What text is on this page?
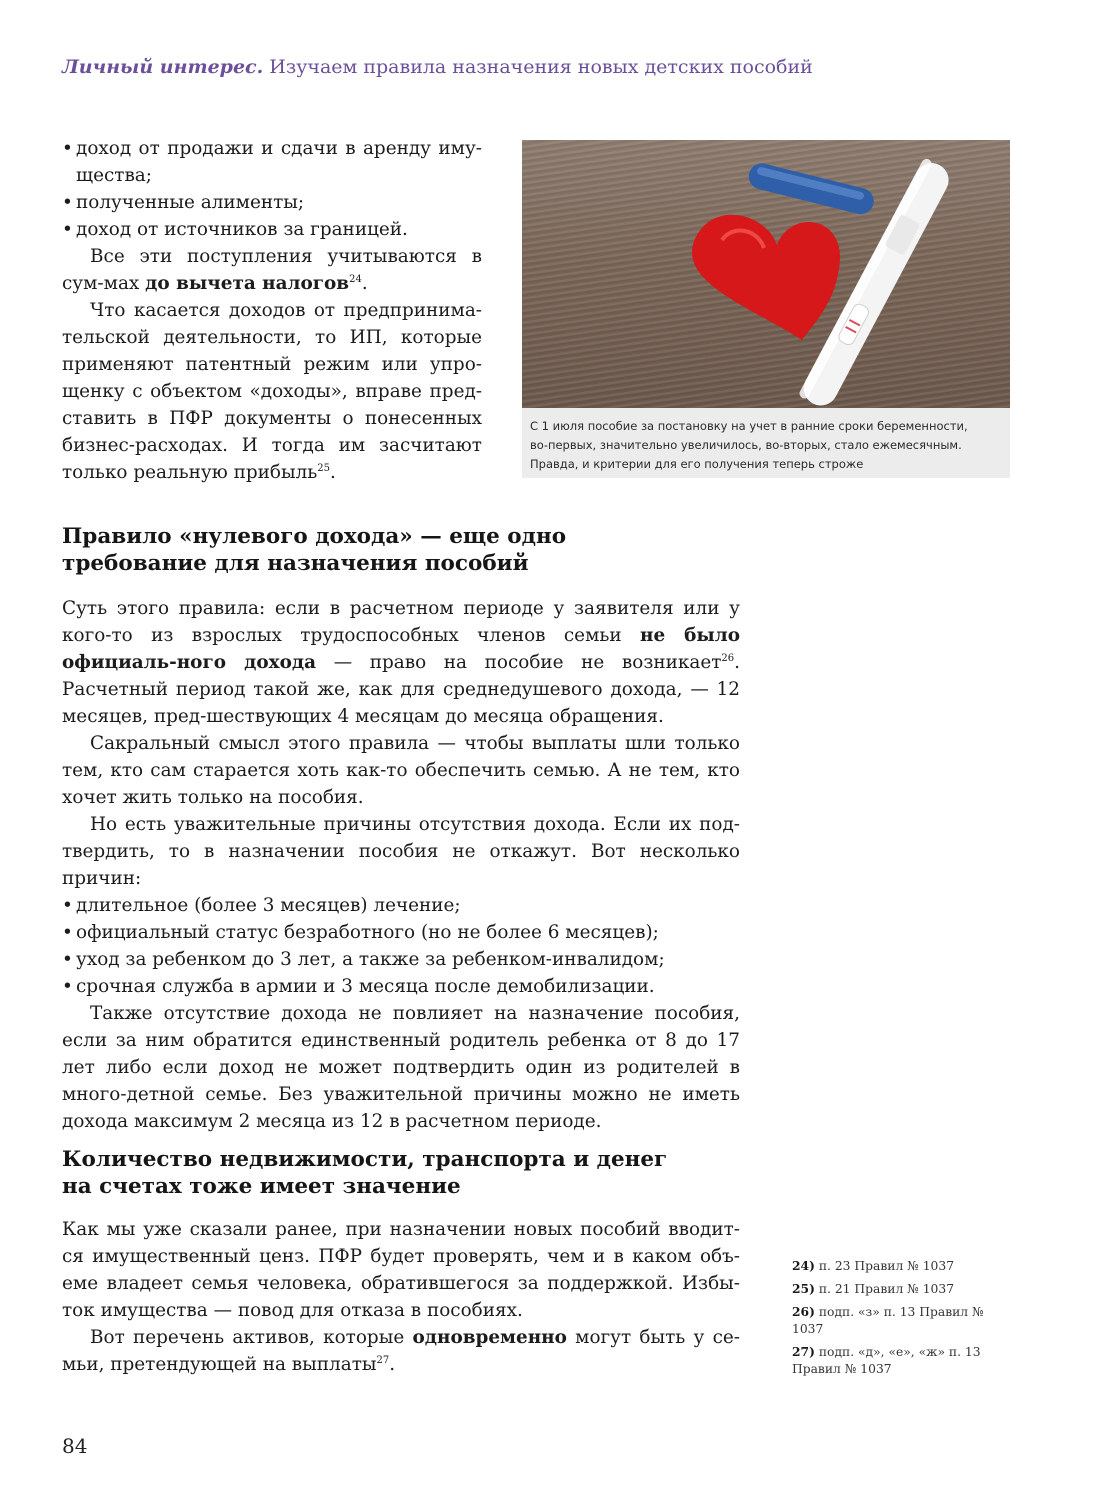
Личный интерес. Изучаем правила назначения новых детских пособий
• доход от продажи и сдачи в аренду иму-щества;
• полученные алименты;
• доход от источников за границей.

Все эти поступления учитываются в сум-мах до вычета налогов$^{24}$.

Что касается доходов от предпринима-тельской деятельности, то ИП, которые применяют патентный режим или упро-щенку с объектом «доходы», вправе пред-ставить в ПФР документы о понесенных бизнес-расходах. И тогда им засчитают только реальную прибыль$^{25}$.

С 1 июля пособие за постановку на учет в ранние сроки беременности,
во-первых, значительно увеличилось, во-вторых, стало ежемесячным.
Правда, и критерии для его получения теперь строже
Правило «нулевого дохода» — еще одно
требование для назначения пособий

Суть этого правила: если в расчетном периоде у заявителя или у кого-то из взрослых трудоспособных членов семьи не было официаль-ного дохода — право на пособие не возникает$^{26}$. Расчетный период такой же, как для среднедушевого дохода, — 12 месяцев, пред-шествующих 4 месяцам до месяца обращения.

Сакральный смысл этого правила — чтобы выплаты шли только тем, кто сам старается хоть как-то обеспечить семью. А не тем, кто хочет жить только на пособия.

Но есть уважительные причины отсутствия дохода. Если их под-твердить, то в назначении пособия не откажут. Вот несколько причин:

• длительное (более 3 месяцев) лечение;
• официальный статус безработного (но не более 6 месяцев);
• уход за ребенком до 3 лет, а также за ребенком-инвалидом;
• срочная служба в армии и 3 месяца после демобилизации.

Также отсутствие дохода не повлияет на назначение пособия, если за ним обратится единственный родитель ребенка от 8 до 17 лет либо если доход не может подтвердить один из родителей в много-детной семье. Без уважительной причины можно не иметь дохода максимум 2 месяца из 12 в расчетном периоде.

Количество недвижимости, транспорта и денег
на счетах тоже имеет значение

Как мы уже сказали ранее, при назначении новых пособий вводит-ся имущественный ценз. ПФР будет проверять, чем и в каком объ-еме владеет семья человека, обратившегося за поддержкой. Избы-ток имущества — повод для отказа в пособиях.

Вот перечень активов, которые одновременно могут быть у се-мьи, претендующей на выплаты$^{27}$.

24) п. 23 Правил № 1037
25) п. 21 Правил № 1037
26) подп. «з» п. 13 Правил № 1037
27) подп. «д», «е», «ж» п. 13 Правил № 1037
84
